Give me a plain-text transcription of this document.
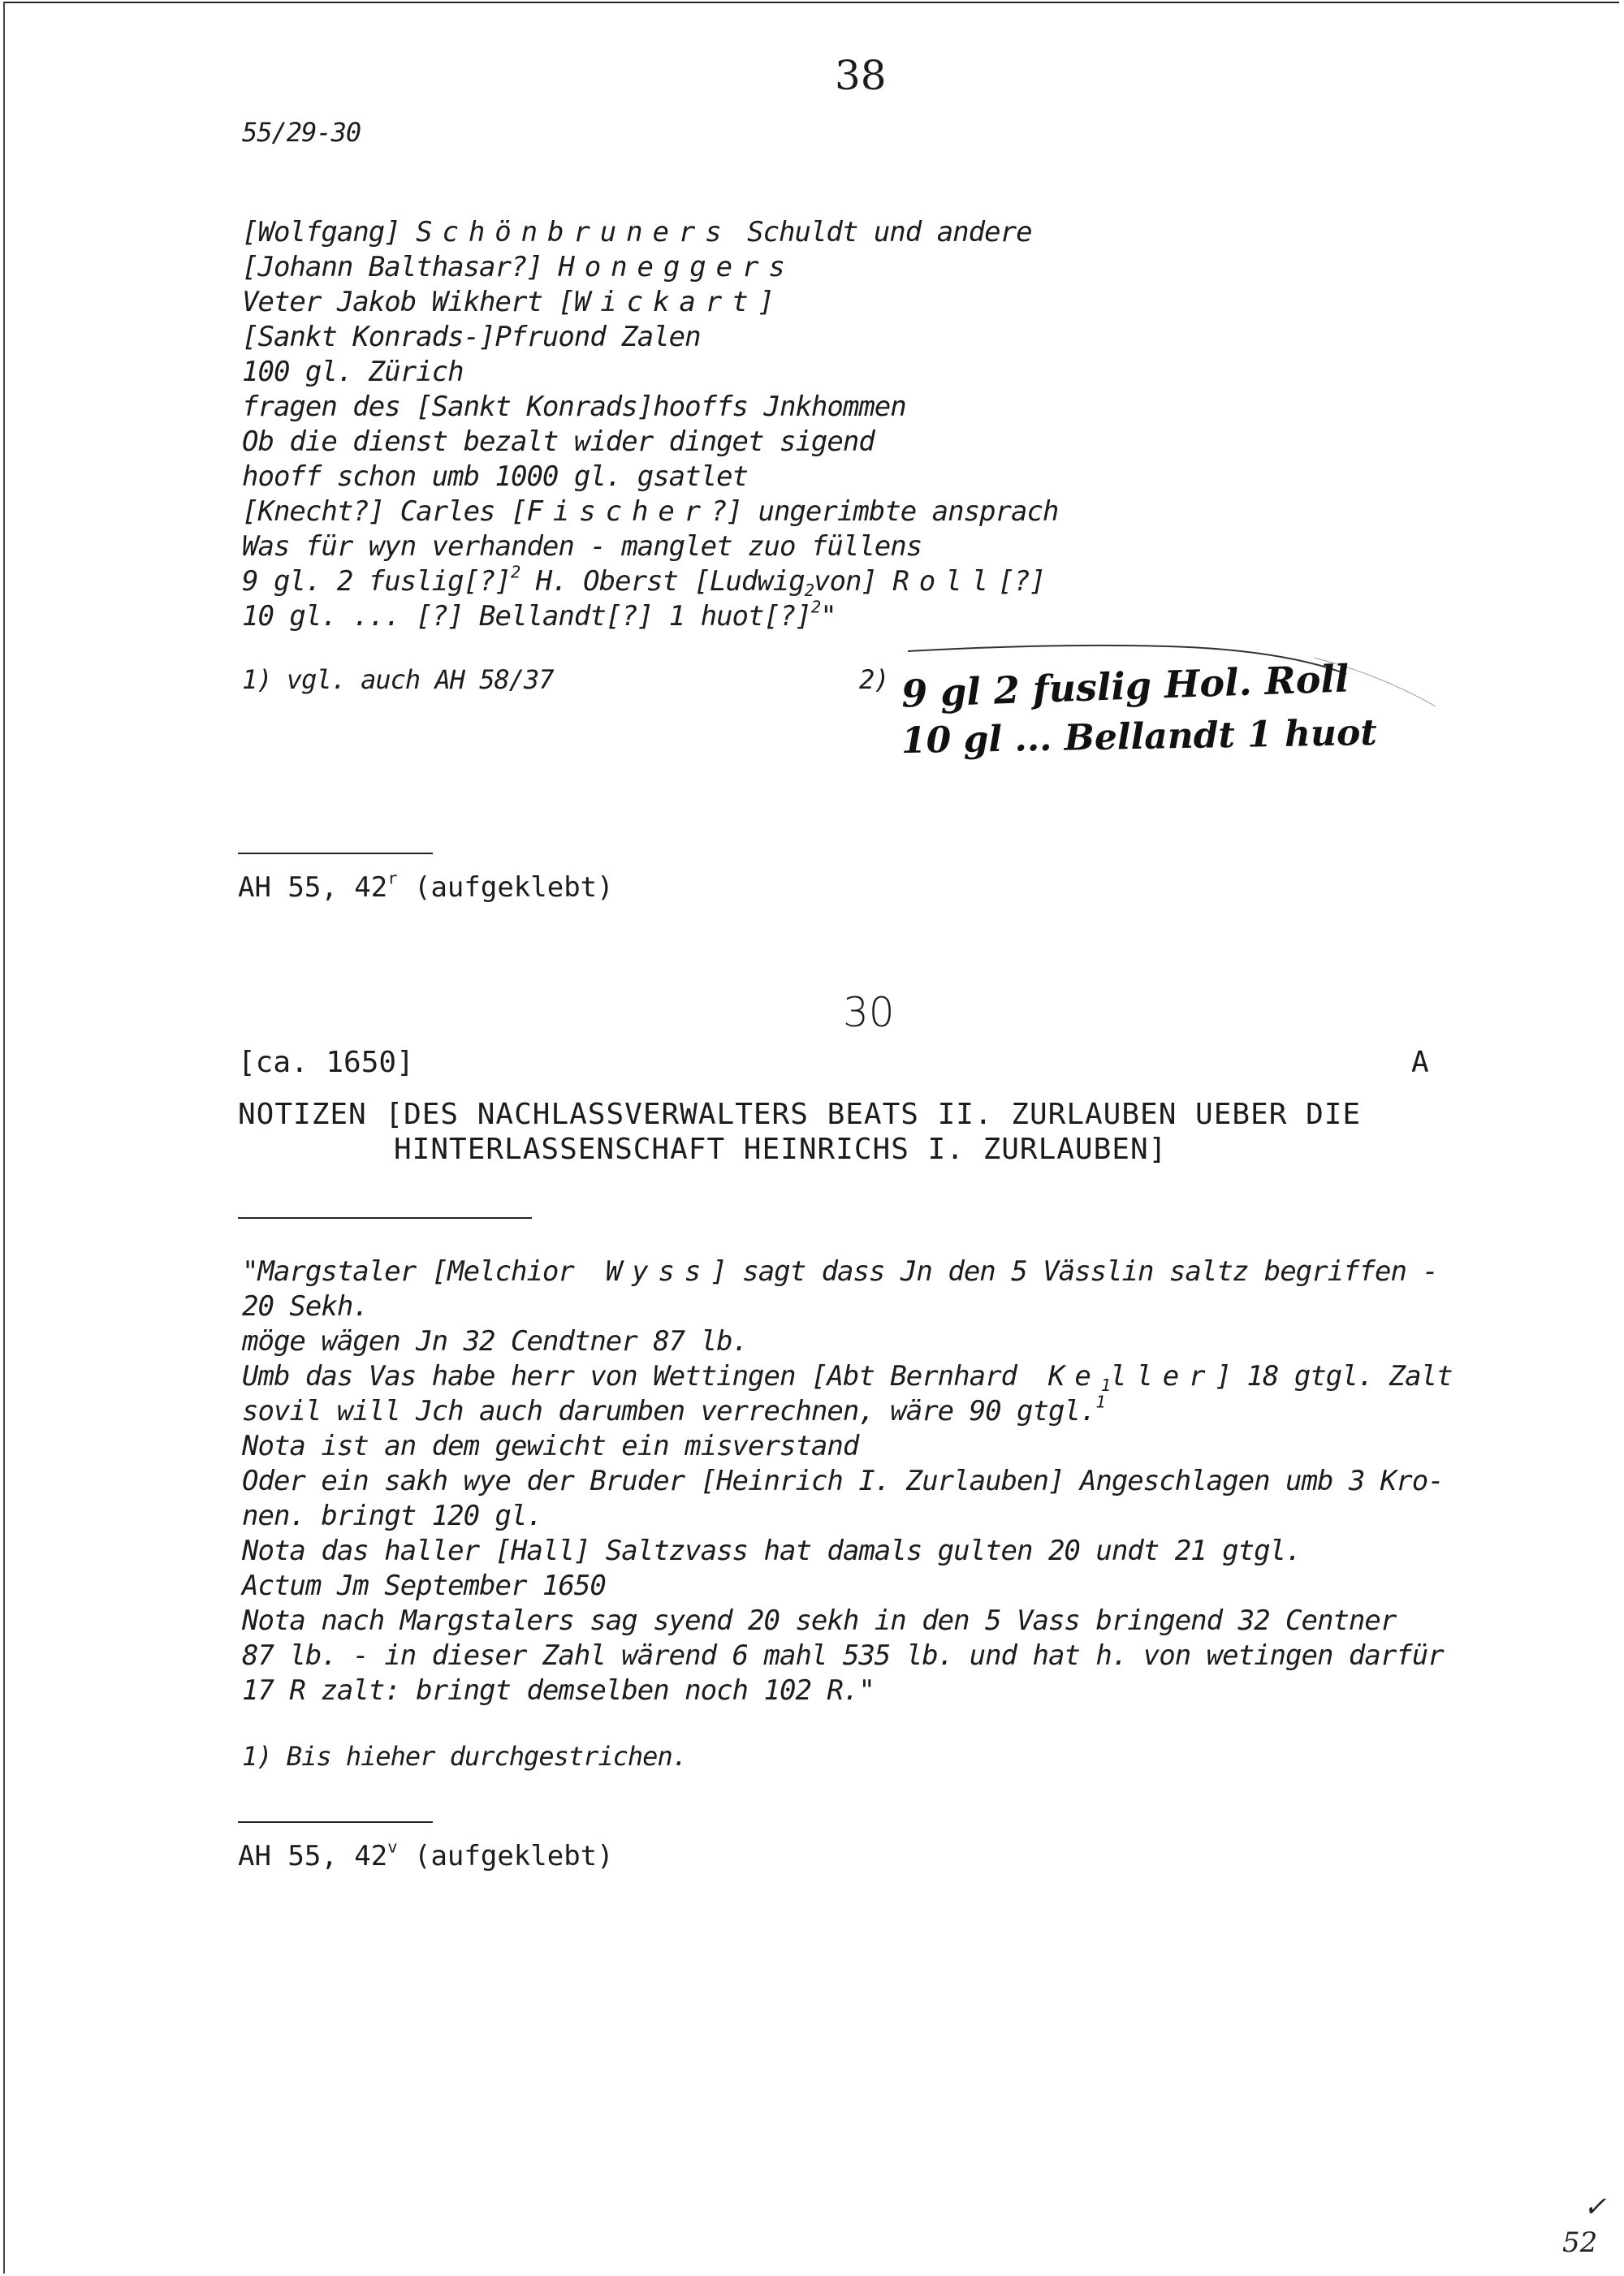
38
55/29-30
[Wolfgang] Schönbruners Schuldt und andere
[Johann Balthasar?] Honeggers
Veter Jakob Wikhert [Wickart]
[Sankt Konrads-]Pfruond Zalen
100 gl. Zürich
fragen des [Sankt Konrads]hooffs Jnkhommen
Ob die dienst bezalt wider dinget sigend
hooff schon umb 1000 gl. gsatlet
[Knecht?] Carles [Fischer?] ungerimbte ansprach
Was für wyn verhanden - manglet zuo füllens
9 gl. 2 fuslig[?]$^2$ H. Oberst [Ludwig$_2$von] Roll[?]
10 gl. ... [?] Bellandt[?] 1 huot[?]$^2$"
1) vgl. auch AH 58/37	2) 9 gl 2 fuslig Hol. Roll
10 gl ... Bellandt 1 huot
AH 55, 42$^r$ (aufgeklebt)
30
[ca. 1650]	A
NOTIZEN [DES NACHLASSVERWALTERS BEATS II. ZURLAUBEN UEBER DIE
HINTERLASSENSCHAFT HEINRICHS I. ZURLAUBEN]
"Margstaler [Melchior  Wyss] sagt dass Jn den 5 Vässlin saltz begriffen -
20 Sekh.
möge wägen Jn 32 Cendtner 87 lb.
Umb das Vas habe herr von Wettingen [Abt Bernhard  $Ke_1ller$] 18 gtgl. Zalt
sovil will Jch auch darumben verrechnen, wäre 90 gtgl.$^1$
Nota ist an dem gewicht ein misverstand
Oder ein sakh wye der Bruder [Heinrich I. Zurlauben] Angeschlagen umb 3 Kro-
nen. bringt 120 gl.
Nota das haller [Hall] Saltzvass hat damals gulten 20 undt 21 gtgl.
Actum Jm September 1650
Nota nach Margstalers sag syend 20 sekh in den 5 Vass bringend 32 Centner
87 lb. - in dieser Zahl wärend 6 mahl 535 lb. und hat h. von wetingen darfür
17 R zalt: bringt demselben noch 102 R."
1) Bis hieher durchgestrichen.
AH 55, 42$^v$ (aufgeklebt)
✓
52
